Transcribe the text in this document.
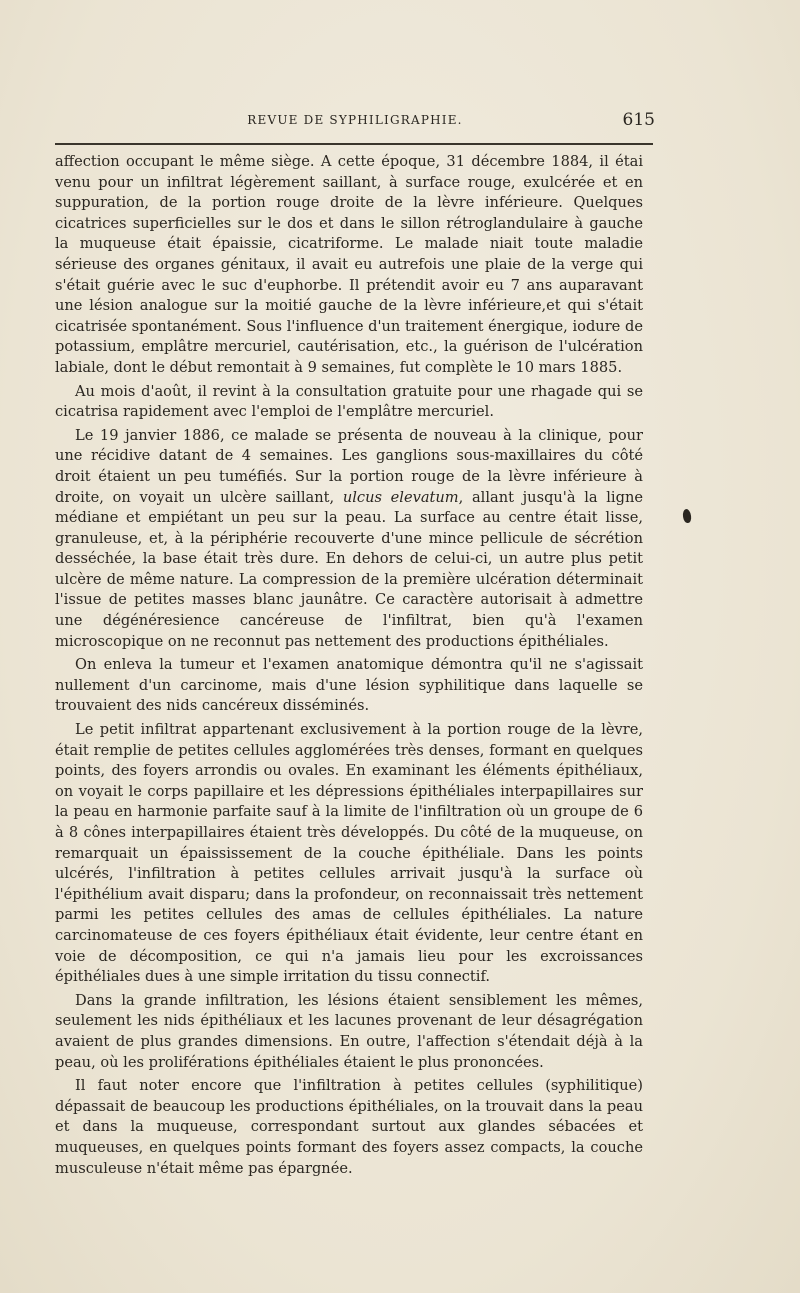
REVUE DE SYPHILIGRAPHIE.	615

affection occupant le même siège. A cette époque, 31 décembre 1884, il étai venu pour un infiltrat légèrement saillant, à surface rouge, exulcérée et en suppuration, de la portion rouge droite de la lèvre inférieure. Quelques cicatrices superficielles sur le dos et dans le sillon rétroglandulaire à gauche la muqueuse était épaissie, cicatriforme. Le malade niait toute maladie sérieuse des organes génitaux, il avait eu autrefois une plaie de la verge qui s'était guérie avec le suc d'euphorbe. Il prétendit avoir eu 7 ans auparavant une lésion analogue sur la moitié gauche de la lèvre inférieure,et qui s'était cicatrisée spontanément. Sous l'influence d'un traitement énergique, iodure de potassium, emplâtre mercuriel, cautérisation, etc., la guérison de l'ulcération labiale, dont le début remontait à 9 semaines, fut complète le 10 mars 1885.

Au mois d'août, il revint à la consultation gratuite pour une rhagade qui se cicatrisa rapidement avec l'emploi de l'emplâtre mercuriel.

Le 19 janvier 1886, ce malade se présenta de nouveau à la clinique, pour une récidive datant de 4 semaines. Les ganglions sous-maxillaires du côté droit étaient un peu tuméfiés. Sur la portion rouge de la lèvre inférieure à droite, on voyait un ulcère saillant, ulcus elevatum, allant jusqu'à la ligne médiane et empiétant un peu sur la peau. La surface au centre était lisse, granuleuse, et, à la périphérie recouverte d'une mince pellicule de sécrétion desséchée, la base était très dure. En dehors de celui-ci, un autre plus petit ulcère de même nature. La compression de la première ulcération déterminait l'issue de petites masses blanc jaunâtre. Ce caractère autorisait à admettre une dégénéresience cancéreuse de l'infiltrat, bien qu'à l'examen microscopique on ne reconnut pas nettement des productions épithéliales.

On enleva la tumeur et l'examen anatomique démontra qu'il ne s'agissait nullement d'un carcinome, mais d'une lésion syphilitique dans laquelle se trouvaient des nids cancéreux disséminés.

Le petit infiltrat appartenant exclusivement à la portion rouge de la lèvre, était remplie de petites cellules agglomérées très denses, formant en quelques points, des foyers arrondis ou ovales. En examinant les éléments épithéliaux, on voyait le corps papillaire et les dépressions épithéliales interpapillaires sur la peau en harmonie parfaite sauf à la limite de l'infiltration où un groupe de 6 à 8 cônes interpapillaires étaient très développés. Du côté de la muqueuse, on remarquait un épaississement de la couche épithéliale. Dans les points ulcérés, l'infiltration à petites cellules arrivait jusqu'à la surface où l'épithélium avait disparu; dans la profondeur, on reconnaissait très nettement parmi les petites cellules des amas de cellules épithéliales. La nature carcinomateuse de ces foyers épithéliaux était évidente, leur centre étant en voie de décomposition, ce qui n'a jamais lieu pour les excroissances épithéliales dues à une simple irritation du tissu connectif.

Dans la grande infiltration, les lésions étaient sensiblement les mêmes, seulement les nids épithéliaux et les lacunes provenant de leur désagrégation avaient de plus grandes dimensions. En outre, l'affection s'étendait déjà à la peau, où les proliférations épithéliales étaient le plus prononcées.

Il faut noter encore que l'infiltration à petites cellules (syphilitique) dépassait de beaucoup les productions épithéliales, on la trouvait dans la peau et dans la muqueuse, correspondant surtout aux glandes sébacées et muqueuses, en quelques points formant des foyers assez compacts, la couche musculeuse n'était même pas épargnée.
